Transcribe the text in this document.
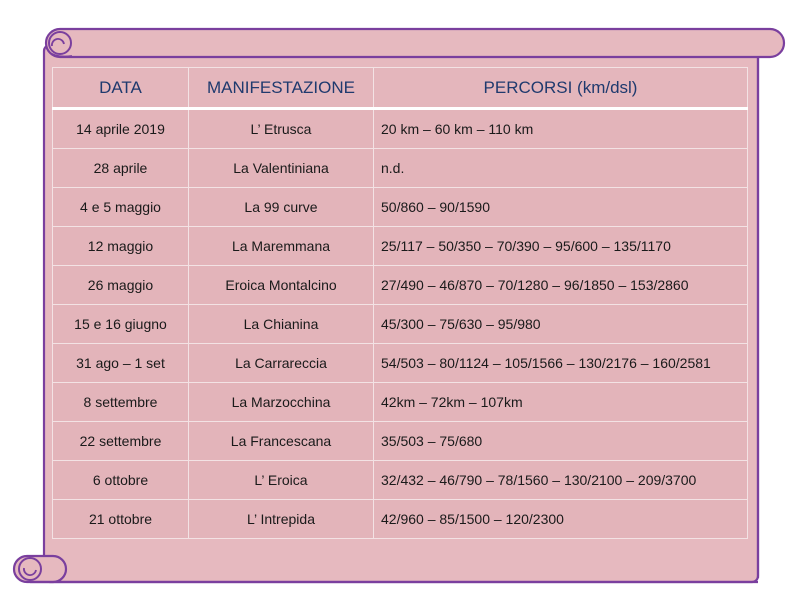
DATA	MANIFESTAZIONE	PERCORSI (km/dsl)
14 aprile 2019	L’ Etrusca	20 km – 60 km – 110 km
28 aprile	La Valentiniana	n.d.
4 e 5 maggio	La 99 curve	50/860 – 90/1590
12 maggio	La Maremmana	25/117 – 50/350 – 70/390 – 95/600 – 135/1170
26 maggio	Eroica Montalcino	27/490 – 46/870 – 70/1280 – 96/1850 – 153/2860
15 e 16 giugno	La Chianina	45/300 – 75/630 – 95/980
31 ago – 1 set	La Carrareccia	54/503 – 80/1124 – 105/1566 – 130/2176 – 160/2581
8 settembre	La Marzocchina	42km – 72km – 107km
22 settembre	La Francescana	35/503 – 75/680
6 ottobre	L’ Eroica	32/432 – 46/790 – 78/1560 – 130/2100 – 209/3700
21 ottobre	L’ Intrepida	42/960 – 85/1500 – 120/2300
